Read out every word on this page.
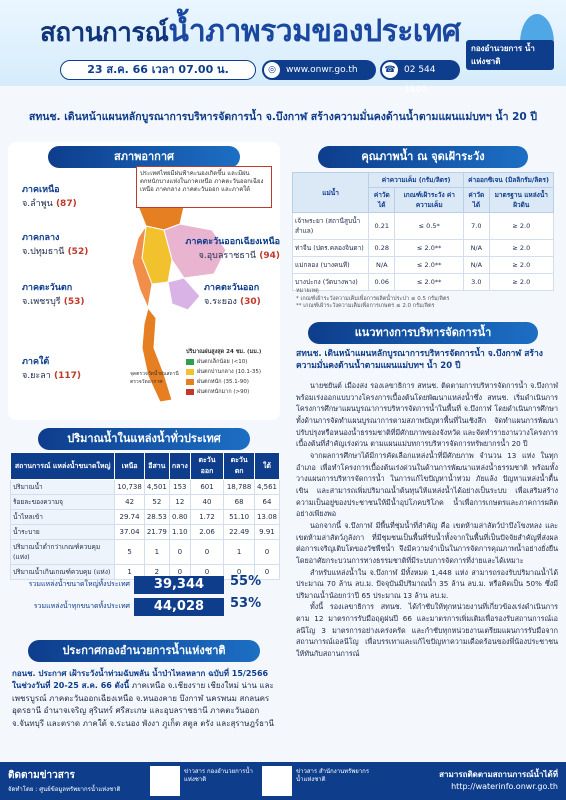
สถานการณ์น้ำภาพรวมของประเทศ	กองอำนวยการ น้ำแห่งชาติ
23 ส.ค. 66 เวลา 07.00 น.	◎	www.onwr.go.th	☎ 02 544 1800
สทนช. เดินหน้าแผนหลักบูรณาการบริหารจัดการน้ำ จ.บึงกาฬ สร้างความมั่นคงด้านน้ำตามแผนแม่บทฯ น้ำ 20 ปี
สภาพอากาศ
ประเทศไทยมีฝนฟ้าคะนองเกิดขึ้น และมีฝนตกหนักบางแห่งในภาคเหนือ ภาคตะวันออกเฉียงเหนือ ภาคกลาง ภาคตะวันออก และภาคใต้
ภาคเหนือ
จ.ลำพูน (87)
ภาคกลาง
จ.ปทุมธานี (52)
ภาคตะวันออกเฉียงเหนือ
จ.อุบลราชธานี (94)
ภาคตะวันตก
จ.เพชรบุรี (53)
ภาคตะวันออก
จ.ระยอง (30)
ภาคใต้
จ.ยะลา (117)	จุดตรวจวัดน้ำฝนสถานีตรวจวัดอากาศ
ปริมาณฝนสูงสุด 24 ชม. (มม.)
ฝนตกเล็กน้อย (<10)
ฝนตกปานกลาง (10.1-35)
ฝนตกหนัก (35.1-90)
ฝนตกหนักมาก (>90)
คุณภาพน้ำ ณ จุดเฝ้าระวัง
แม่น้ำ	ค่าความเค็ม (กรัม/ลิตร)		ค่าออกซิเจน (มิลลิกรัม/ลิตร)	
	ค่าวัดได้	เกณฑ์เฝ้าระวัง ค่าความเค็ม	ค่าวัดได้	มาตรฐาน แหล่งน้ำผิวดิน
เจ้าพระยา (สถานีสูบน้ำสำแล)	0.21	≤ 0.5*	7.0	≥ 2.0
ท่าจีน (ปตร.คลองจินดา)	0.28	≤ 2.0**	N/A	≥ 2.0
แม่กลอง (บางคนที)	N/A	≤ 2.0**	N/A	≥ 2.0
บางปะกง (วัดบางพาง)	0.06	≤ 2.0**	3.0	≥ 2.0
หมายเหตุ
* เกณฑ์เฝ้าระวังความเค็มเพื่อการผลิตน้ำประปา ≤ 0.5 กรัม/ลิตร
** เกณฑ์เฝ้าระวังความเค็มเพื่อการเกษตร ≤ 2.0 กรัม/ลิตร
แนวทางการบริหารจัดการน้ำ
สทนช. เดินหน้าแผนหลักบูรณาการบริหารจัดการน้ำ จ.บึงกาฬ สร้างความมั่นคงด้านน้ำตามแผนแม่บทฯ น้ำ 20 ปี

นายชยันต์ เมืองสง รองเลขาธิการ สทนช. ติดตามการบริหารจัดการน้ำ จ.บึงกาฬ พร้อมเร่งออกแบบวางโครงการเบื้องต้นโดยพัฒนาแหล่งน้ำซึ่ง สทนช. เริ่มดำเนินการโครงการศึกษาแผนบูรณาการบริหารจัดการน้ำในพื้นที่ จ.บึงกาฬ โดยดำเนินการศึกษาทั้งด้านการจัดทำแผนบูรณาการตามสภาพปัญหาพื้นที่ในเชิงลึก จัดทำแผนการพัฒนาปรับปรุงหรือหนองน้ำธรรมชาติที่มีศักยภาพของจังหวัด และจัดทำรายงานวางโครงการเบื้องต้นที่สำคัญเร่งด่วน ตามแผนแม่บทการบริหารจัดการทรัพยากรน้ำ 20 ปี

จากผลการศึกษาได้มีการคัดเลือกแหล่งน้ำที่มีศักยภาพ จำนวน 13 แห่ง ในทุกอำเภอ เพื่อทำโครงการเบื้องต้นเร่งด่วนในด้านการพัฒนาแหล่งน้ำธรรมชาติ พร้อมทั้งวางแผนการบริหารจัดการน้ำ ในการแก้ไขปัญหาน้ำท่วม ภัยแล้ง ปัญหาแหล่งน้ำตื้นเขิน และสามารถเพิ่มปริมาณน้ำต้นทุนให้แหล่งน้ำได้อย่างเป็นระบบ เพื่อเสริมสร้างความเป็นอยู่ของประชาชนให้มีน้ำอุปโภคบริโภค น้ำเพื่อการเกษตรและภาคการผลิตอย่างเพียงพอ

นอกจากนี้ จ.บึงกาฬ มีพื้นที่ชุ่มน้ำที่สำคัญ คือ เขตห้ามล่าสัตว์ป่าบึงโขงหลง และเขตห้ามล่าสัตว์ภูลังกา ที่มีชุมชนเป็นพื้นที่รับน้ำทั้งจากในพื้นที่เป็นปัจจัยสำคัญที่ส่งผลต่อการเจริญเติบโตของวัชพืชน้ำ จึงมีความจำเป็นในการจัดการคุณภาพน้ำอย่างยั่งยืน โดยอาศัยกระบวนการทางธรรมชาติที่มีระบบการจัดการที่ง่ายและได้เหมาะ

สำหรับแหล่งน้ำใน จ.บึงกาฬ มีทั้งหมด 1,448 แห่ง สามารถรองรับปริมาณน้ำได้ประมาณ 70 ล้าน ลบ.ม. ปัจจุบันมีปริมาณน้ำ 35 ล้าน ลบ.ม. หรือคิดเป็น 50% ซึ่งมีปริมาณน้ำน้อยกว่าปี 65 ประมาณ 13 ล้าน ลบ.ม.

ทั้งนี้ รองเลขาธิการ สทนช. ได้กำชับให้ทุกหน่วยงานที่เกี่ยวข้องเร่งดำเนินการตาม 12 มาตรการรับมือฤดูฝนปี 66 และมาตรการเพิ่มเติมเพื่อรองรับสถานการณ์เอลนีโญ 3 มาตรการอย่างเคร่งครัด และกำชับทุกหน่วยงานเตรียมแผนการรับมือจากสถานการณ์เอลนีโญ เพื่อบรรเทาและแก้ไขปัญหาความเดือดร้อนของพี่น้องประชาชนให้ทันกับสถานการณ์

ปริมาณน้ำในแหล่งน้ำทั่วประเทศ
สถานการณ์ แหล่งน้ำขนาดใหญ่	เหนือ	อีสาน	กลาง	ตะวันออก	ตะวันตก	ใต้
ปริมาณน้ำ	10,738	4,501	153	601	18,788	4,561
ร้อยละของความจุ	42	52	12	40	68	64
น้ำไหลเข้า	29.74	28.53	0.80	1.72	51.10	13.08
น้ำระบาย	37.04	21.79	1.10	2.06	22.49	9.91
ปริมาณน้ำต่ำกว่าเกณฑ์ควบคุม (แห่ง)	5	1	0	0	1	0
ปริมาณน้ำเกินเกณฑ์ควบคุม (แห่ง)	1	2	0	0	0	0
รวมแหล่งน้ำขนาดใหญ่ทั้งประเทศ	39,344	55%
รวมแหล่งน้ำทุกขนาดทั้งประเทศ	44,028	53%
ประกาศกองอำนวยการน้ำแห่งชาติ
กอนช. ประกาศ เฝ้าระวังน้ำท่วมฉับพลัน น้ำป่าไหลหลาก ฉบับที่ 15/2566 ในช่วงวันที่ 20-25 ส.ค. 66 ดังนี้ ภาคเหนือ จ.เชียงราย เชียงใหม่ น่าน และเพชรบูรณ์ ภาคตะวันออกเฉียงเหนือ จ.หนองคาย บึงกาฬ นครพนม สกลนคร อุดรธานี อำนาจเจริญ สุรินทร์ ศรีสะเกษ และอุบลราชธานี ภาคตะวันออก จ.จันทบุรี และตราด ภาคใต้ จ.ระนอง พังงา ภูเก็ต สตูล ตรัง และสุราษฎร์ธานี
ติดตามข่าวสาร
จัดทำโดย : ศูนย์ข้อมูลทรัพยากรน้ำแห่งชาติ
ข่าวสาร กองอำนวยการน้ำแห่งชาติ
ข่าวสาร สำนักงานทรัพยากรน้ำแห่งชาติ
สามารถติดตามสถานการณ์น้ำได้ที่
http://waterinfo.onwr.go.th
